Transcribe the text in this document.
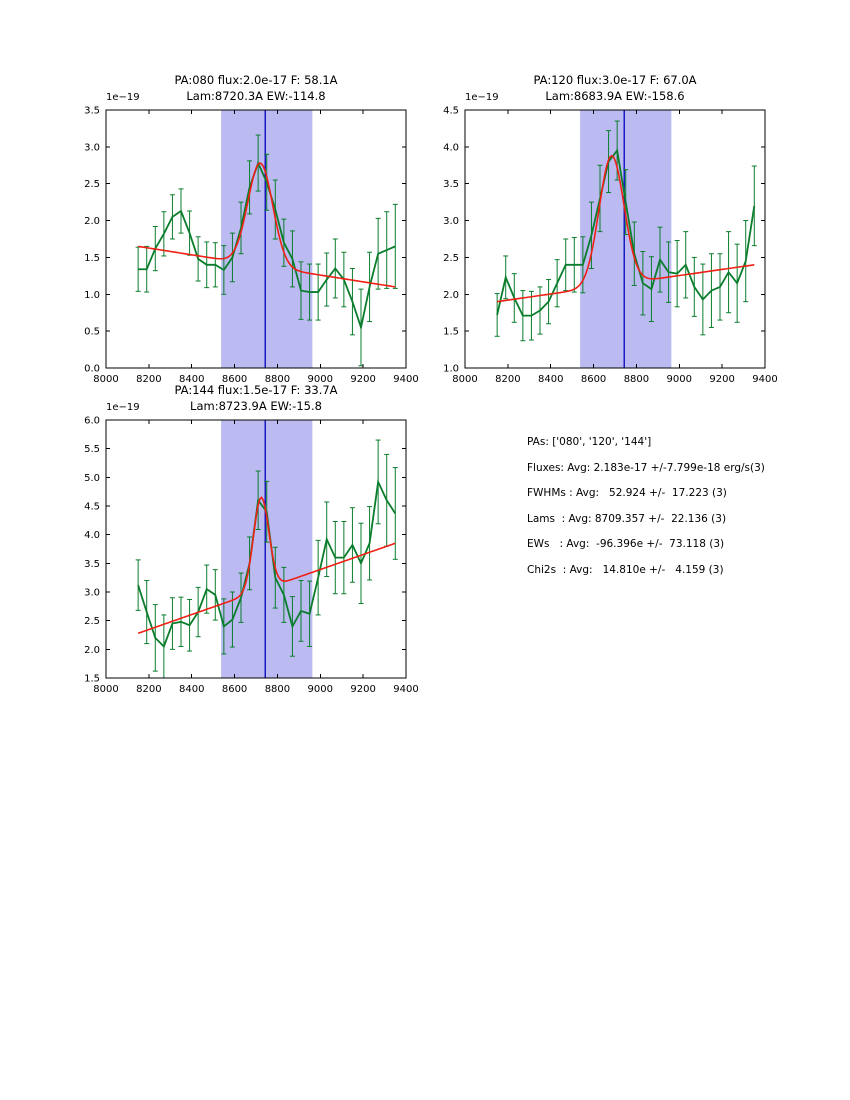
PA:080 flux:2.0e-17 F: 58.1A
Lam:8720.3A EW:-114.8
1e−19
8000 8200 8400 8600 8800 9000 9200 9400
0.0
0.5
1.0
1.5
2.0
2.5
3.0
3.5
PA:120 flux:3.0e-17 F: 67.0A
Lam:8683.9A EW:-158.6
1e−19
8000 8200 8400 8600 8800 9000 9200 9400
1.0
1.5
2.0
2.5
3.0
3.5
4.0
4.5
PA:144 flux:1.5e-17 F: 33.7A
Lam:8723.9A EW:-15.8
1e−19
8000 8200 8400 8600 8800 9000 9200 9400
1.5
2.0
2.5
3.0
3.5
4.0
4.5
5.0
5.5
6.0
PAs: ['080', '120', '144']
Fluxes: Avg: 2.183e-17 +/-7.799e-18 erg/s(3)
FWHMs : Avg:   52.924 +/-  17.223 (3)
Lams  : Avg: 8709.357 +/-  22.136 (3)
EWs   : Avg:  -96.396e +/-  73.118 (3)
Chi2s  : Avg:   14.810e +/-   4.159 (3)
